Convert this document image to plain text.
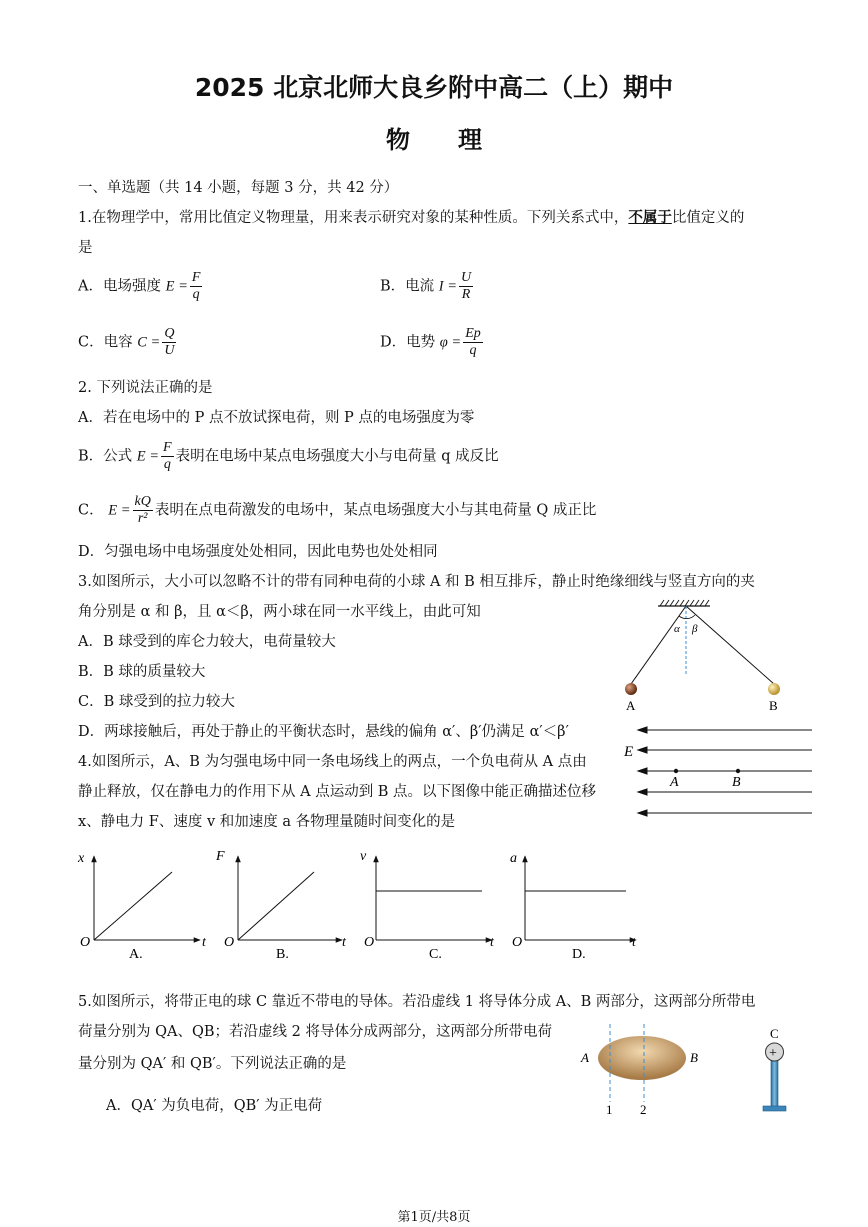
2025 北京北师大良乡附中高二（上）期中
物　　理
一、单选题（共 14 小题，每题 3 分，共 42 分）
1.在物理学中，常用比值定义物理量，用来表示研究对象的某种性质。下列关系式中，不属于比值定义的
是
A．电场强度 $E = \frac{F}{q}$	B．电流 $I = \frac{U}{R}$
C．电容 $C = \frac{Q}{U}$	D．电势 $\varphi = \frac{Ep}{q}$
2. 下列说法正确的是
A．若在电场中的 P 点不放试探电荷，则 P 点的电场强度为零
B．公式 $E = \frac{F}{q}$ 表明在电场中某点电场强度大小与电荷量 q 成反比
C． $E = \frac{kQ}{\text{r²}}$ 表明在点电荷激发的电场中，某点电场强度大小与其电荷量 Q 成正比
D．匀强电场中电场强度处处相同，因此电势也处处相同
3.如图所示，大小可以忽略不计的带有同种电荷的小球 A 和 B 相互排斥，静止时绝缘细线与竖直方向的夹
角分别是 α 和 β，且 α＜β，两小球在同一水平线上，由此可知
A．B 球受到的库仑力较大，电荷量较大
B．B 球的质量较大
C．B 球受到的拉力较大
D．两球接触后，再处于静止的平衡状态时，悬线的偏角 α′、β′仍满足 α′＜β′
α β
A	B
4.如图所示，A、B 为匀强电场中同一条电场线上的两点，一个负电荷从 A 点由
静止释放，仅在静电力的作用下从 A 点运动到 B 点。以下图像中能正确描述位移
x、静电力 F、速度 v 和加速度 a 各物理量随时间变化的是
E
A	B
x
t
O
A.
F
t
O
B.
v
t
O
C.
a
t
O
D.
5.如图所示，将带正电的球 C 靠近不带电的导体。若沿虚线 1 将导体分成 A、B 两部分，这两部分所带电
荷量分别为 QA、QB；若沿虚线 2 将导体分成两部分，这两部分所带电荷
量分别为 QA′ 和 QB′。下列说法正确的是
A．QA′ 为负电荷，QB′ 为正电荷
A	B
1 2
+
C
第1页/共8页
